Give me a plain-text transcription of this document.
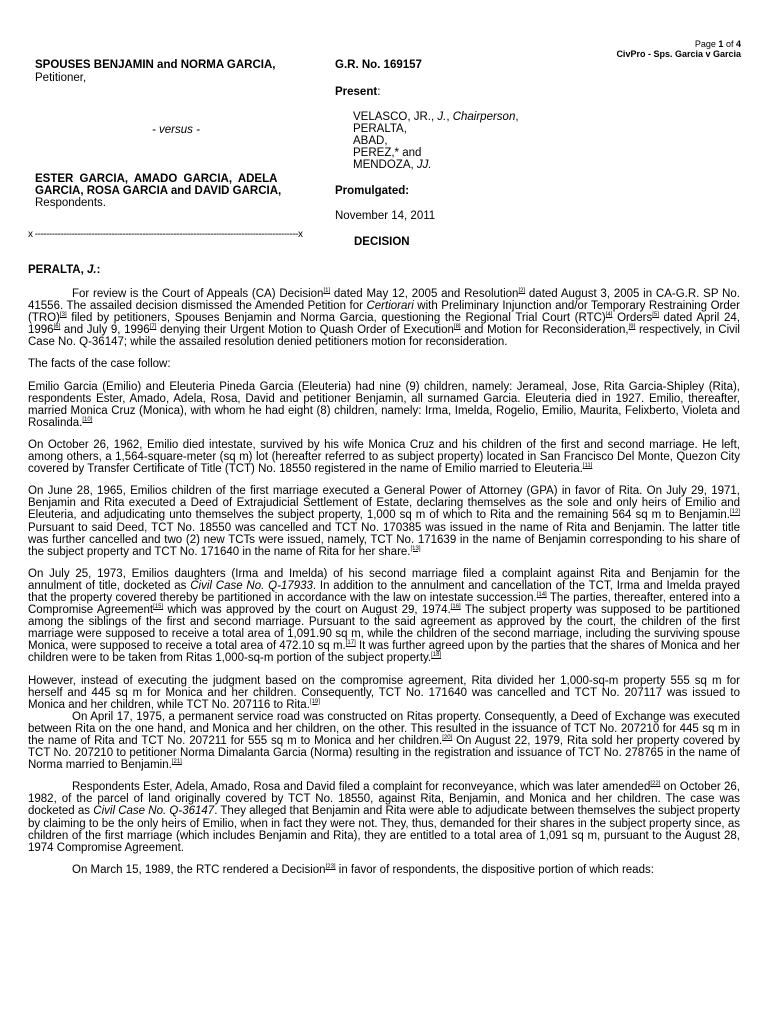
Page 1 of 4
CivPro - Sps. Garcia v Garcia
SPOUSES BENJAMIN and NORMA GARCIA,
Petitioner,
- versus -
ESTER GARCIA, AMADO GARCIA, ADELA
GARCIA, ROSA GARCIA and DAVID GARCIA,
Respondents.
G.R. No. 169157
Present:
VELASCO, JR., J., Chairperson,
PERALTA,
ABAD,
PEREZ,* and
MENDOZA, JJ.
Promulgated:
November 14, 2011
x ---------------------------------------------------------------------------------------------x
DECISION
PERALTA, J.:

For review is the Court of Appeals (CA) Decision[1] dated May 12, 2005 and Resolution[2] dated August 3, 2005 in CA-G.R. SP No. 41556. The assailed decision dismissed the Amended Petition for Certiorari with Preliminary Injunction and/or Temporary Restraining Order (TRO)[3] filed by petitioners, Spouses Benjamin and Norma Garcia, questioning the Regional Trial Court (RTC)[4] Orders[5] dated April 24, 1996[6] and July 9, 1996[7] denying their Urgent Motion to Quash Order of Execution[8] and Motion for Reconsideration,[9] respectively, in Civil Case No. Q-36147; while the assailed resolution denied petitioners motion for reconsideration.

The facts of the case follow:

Emilio Garcia (Emilio) and Eleuteria Pineda Garcia (Eleuteria) had nine (9) children, namely: Jerameal, Jose, Rita Garcia-Shipley (Rita), respondents Ester, Amado, Adela, Rosa, David and petitioner Benjamin, all surnamed Garcia. Eleuteria died in 1927. Emilio, thereafter, married Monica Cruz (Monica), with whom he had eight (8) children, namely: Irma, Imelda, Rogelio, Emilio, Maurita, Felixberto, Violeta and Rosalinda.[10]

On October 26, 1962, Emilio died intestate, survived by his wife Monica Cruz and his children of the first and second marriage. He left, among others, a 1,564-square-meter (sq m) lot (hereafter referred to as subject property) located in San Francisco Del Monte, Quezon City covered by Transfer Certificate of Title (TCT) No. 18550 registered in the name of Emilio married to Eleuteria.[11]

On June 28, 1965, Emilios children of the first marriage executed a General Power of Attorney (GPA) in favor of Rita. On July 29, 1971, Benjamin and Rita executed a Deed of Extrajudicial Settlement of Estate, declaring themselves as the sole and only heirs of Emilio and Eleuteria, and adjudicating unto themselves the subject property, 1,000 sq m of which to Rita and the remaining 564 sq m to Benjamin.[12] Pursuant to said Deed, TCT No. 18550 was cancelled and TCT No. 170385 was issued in the name of Rita and Benjamin. The latter title was further cancelled and two (2) new TCTs were issued, namely, TCT No. 171639 in the name of Benjamin corresponding to his share of the subject property and TCT No. 171640 in the name of Rita for her share.[13]

On July 25, 1973, Emilios daughters (Irma and Imelda) of his second marriage filed a complaint against Rita and Benjamin for the annulment of title, docketed as Civil Case No. Q-17933. In addition to the annulment and cancellation of the TCT, Irma and Imelda prayed that the property covered thereby be partitioned in accordance with the law on intestate succession.[14] The parties, thereafter, entered into a Compromise Agreement[15] which was approved by the court on August 29, 1974.[16] The subject property was supposed to be partitioned among the siblings of the first and second marriage. Pursuant to the said agreement as approved by the court, the children of the first marriage were supposed to receive a total area of 1,091.90 sq m, while the children of the second marriage, including the surviving spouse Monica, were supposed to receive a total area of 472.10 sq m.[17] It was further agreed upon by the parties that the shares of Monica and her children were to be taken from Ritas 1,000-sq-m portion of the subject property.[18]

However, instead of executing the judgment based on the compromise agreement, Rita divided her 1,000-sq-m property 555 sq m for herself and 445 sq m for Monica and her children. Consequently, TCT No. 171640 was cancelled and TCT No. 207117 was issued to Monica and her children, while TCT No. 207116 to Rita.[19]

On April 17, 1975, a permanent service road was constructed on Ritas property. Consequently, a Deed of Exchange was executed between Rita on the one hand, and Monica and her children, on the other. This resulted in the issuance of TCT No. 207210 for 445 sq m in the name of Rita and TCT No. 207211 for 555 sq m to Monica and her children.[20] On August 22, 1979, Rita sold her property covered by TCT No. 207210 to petitioner Norma Dimalanta Garcia (Norma) resulting in the registration and issuance of TCT No. 278765 in the name of Norma married to Benjamin.[21]

Respondents Ester, Adela, Amado, Rosa and David filed a complaint for reconveyance, which was later amended[22] on October 26, 1982, of the parcel of land originally covered by TCT No. 18550, against Rita, Benjamin, and Monica and her children. The case was docketed as Civil Case No. Q-36147. They alleged that Benjamin and Rita were able to adjudicate between themselves the subject property by claiming to be the only heirs of Emilio, when in fact they were not. They, thus, demanded for their shares in the subject property since, as children of the first marriage (which includes Benjamin and Rita), they are entitled to a total area of 1,091 sq m, pursuant to the August 28, 1974 Compromise Agreement.

On March 15, 1989, the RTC rendered a Decision[23] in favor of respondents, the dispositive portion of which reads:
